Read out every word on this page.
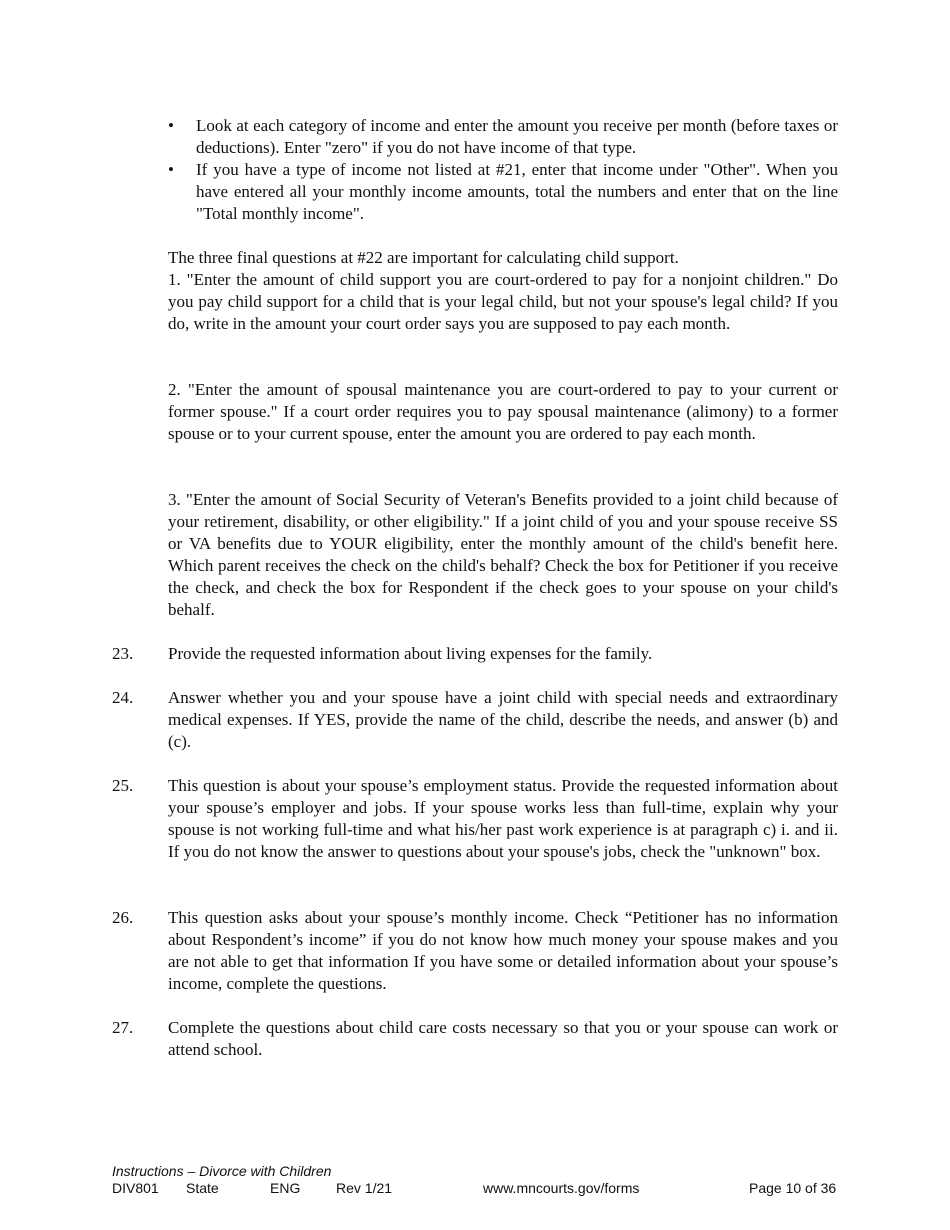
• Look at each category of income and enter the amount you receive per month (before taxes or deductions). Enter "zero" if you do not have income of that type.
• If you have a type of income not listed at #21, enter that income under "Other". When you have entered all your monthly income amounts, total the numbers and enter that on the line "Total monthly income".

The three final questions at #22 are important for calculating child support.

1. "Enter the amount of child support you are court-ordered to pay for a nonjoint children." Do you pay child support for a child that is your legal child, but not your spouse's legal child? If you do, write in the amount your court order says you are supposed to pay each month.

2. "Enter the amount of spousal maintenance you are court-ordered to pay to your current or former spouse." If a court order requires you to pay spousal maintenance (alimony) to a former spouse or to your current spouse, enter the amount you are ordered to pay each month.

3. "Enter the amount of Social Security of Veteran's Benefits provided to a joint child because of your retirement, disability, or other eligibility." If a joint child of you and your spouse receive SS or VA benefits due to YOUR eligibility, enter the monthly amount of the child's benefit here. Which parent receives the check on the child's behalf? Check the box for Petitioner if you receive the check, and check the box for Respondent if the check goes to your spouse on your child's behalf.

23.	Provide the requested information about living expenses for the family.
24.	Answer whether you and your spouse have a joint child with special needs and extraordinary medical expenses. If YES, provide the name of the child, describe the needs, and answer (b) and (c).
25.	This question is about your spouse’s employment status. Provide the requested information about your spouse’s employer and jobs. If your spouse works less than full-time, explain why your spouse is not working full-time and what his/her past work experience is at paragraph c) i. and ii. If you do not know the answer to questions about your spouse's jobs, check the "unknown" box.
26.	This question asks about your spouse’s monthly income. Check “Petitioner has no information about Respondent’s income” if you do not know how much money your spouse makes and you are not able to get that information If you have some or detailed information about your spouse’s income, complete the questions.
27.	Complete the questions about child care costs necessary so that you or your spouse can work or attend school.
Instructions – Divorce with Children
DIV801 State	ENG	Rev 1/21	www.mncourts.gov/forms	Page 10 of 36
